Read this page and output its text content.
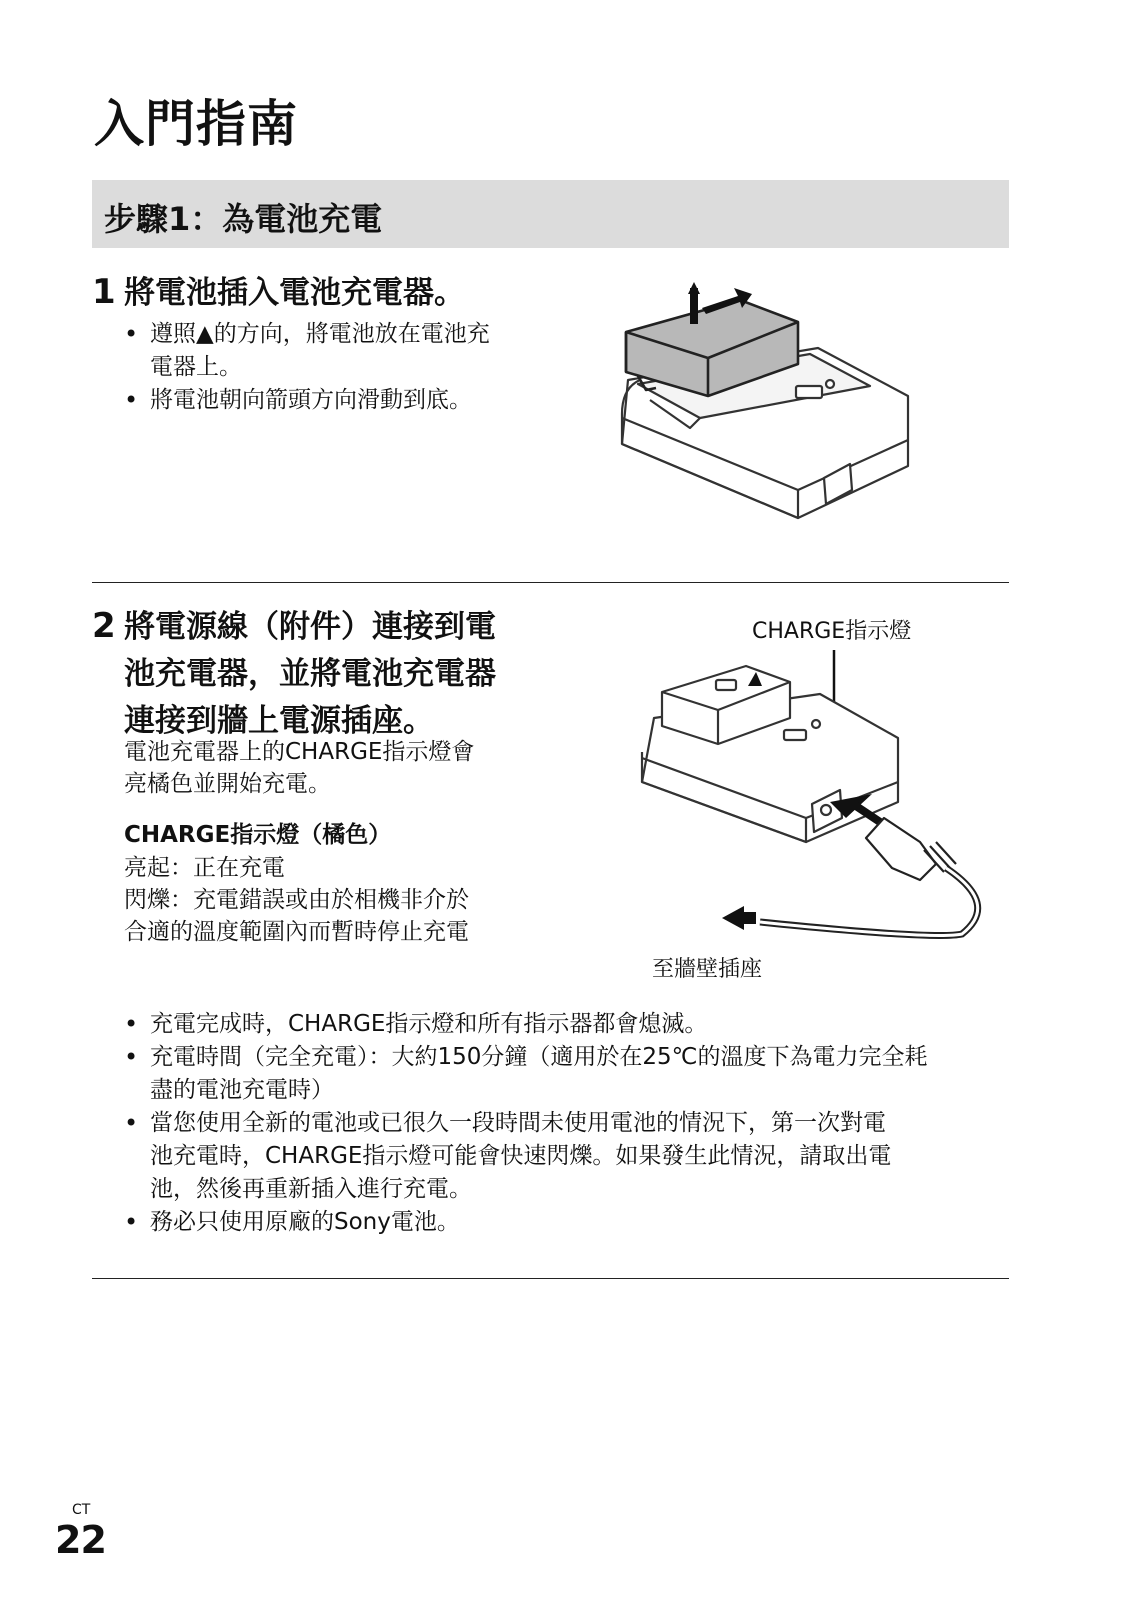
入門指南
步驟1：為電池充電
1 將電池插入電池充電器。
• 遵照▲的方向，將電池放在電池充
電器上。
• 將電池朝向箭頭方向滑動到底。
2 將電源線（附件）連接到電
池充電器，並將電池充電器
連接到牆上電源插座。
電池充電器上的CHARGE指示燈會
亮橘色並開始充電。
CHARGE指示燈（橘色）
亮起：正在充電
閃爍：充電錯誤或由於相機非介於
合適的溫度範圍內而暫時停止充電
CHARGE指示燈
至牆壁插座
• 充電完成時，CHARGE指示燈和所有指示器都會熄滅。
• 充電時間（完全充電）：大約150分鐘（適用於在25℃的溫度下為電力完全耗
盡的電池充電時）
• 當您使用全新的電池或已很久一段時間未使用電池的情況下，第一次對電
池充電時，CHARGE指示燈可能會快速閃爍。如果發生此情況，請取出電
池，然後再重新插入進行充電。
• 務必只使用原廠的Sony電池。
CT
22
